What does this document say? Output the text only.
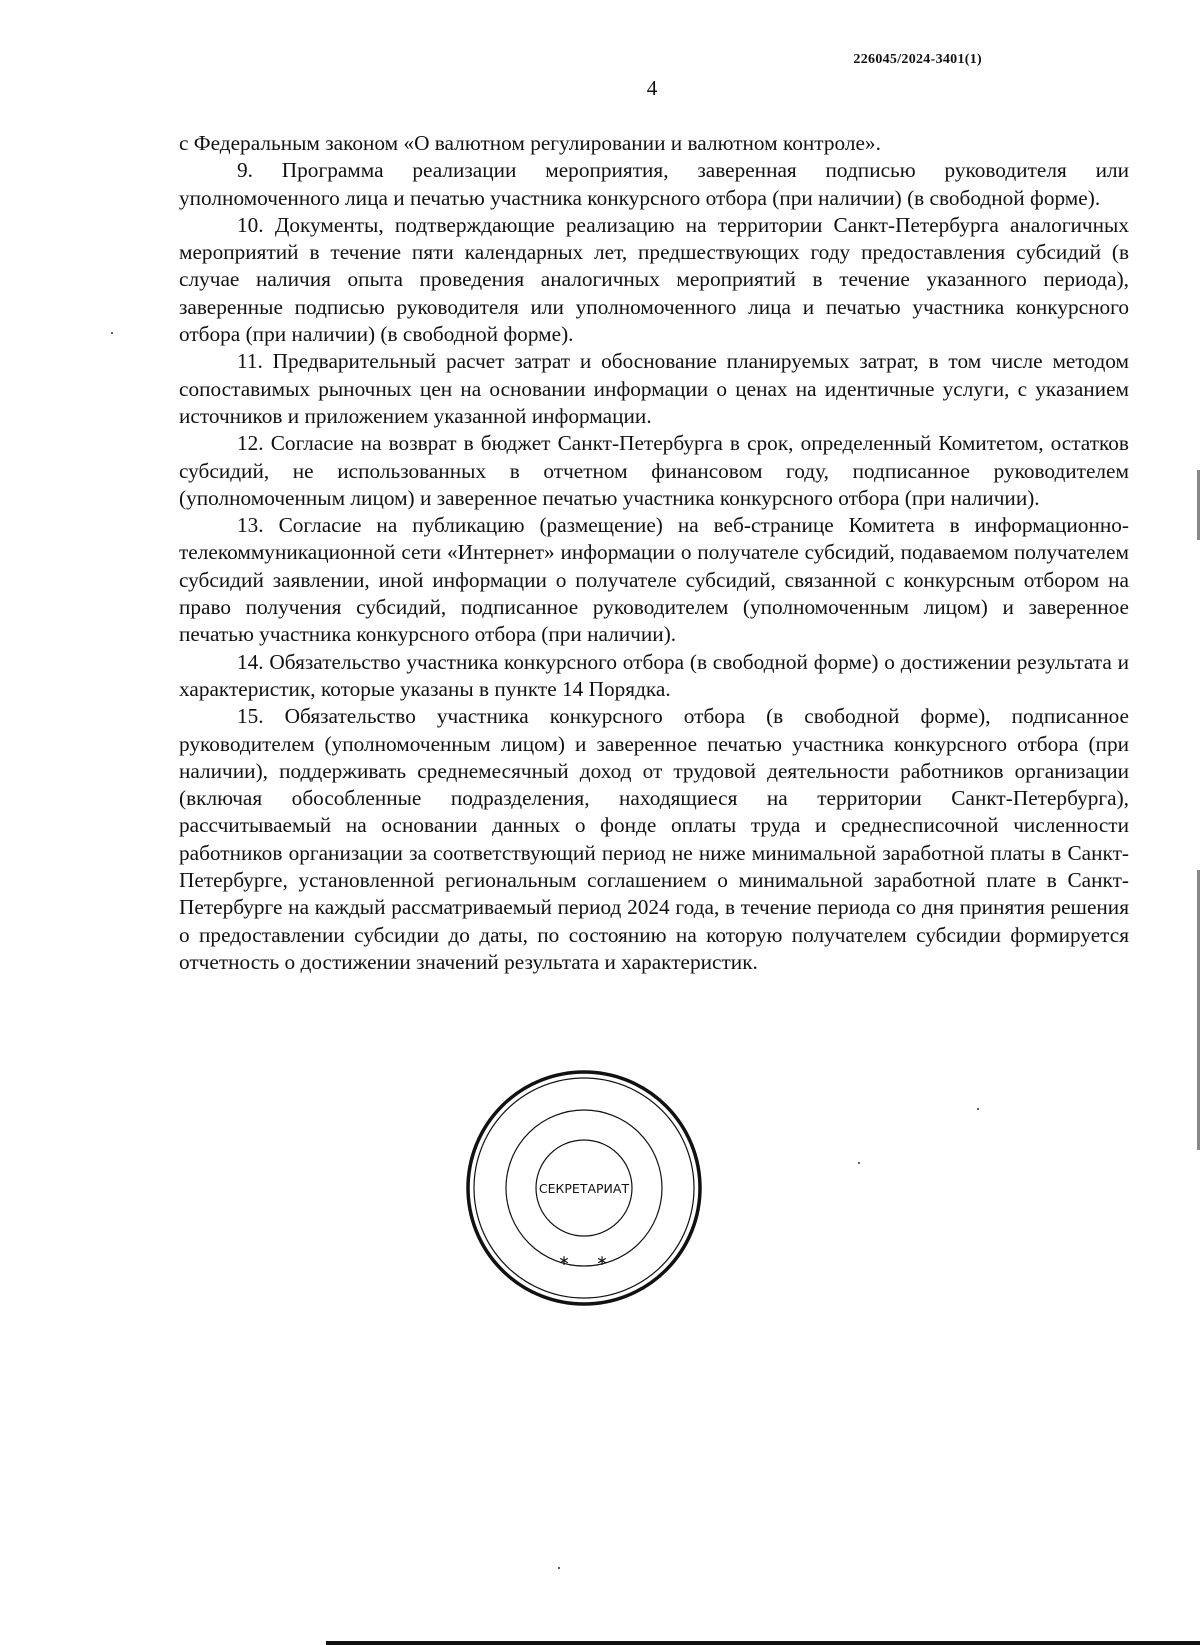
226045/2024-3401(1)
4

с Федеральным законом «О валютном регулировании и валютном контроле».

9. Программа реализации мероприятия, заверенная подписью руководителя или уполномоченного лица и печатью участника конкурсного отбора (при наличии) (в свободной форме).

10. Документы, подтверждающие реализацию на территории Санкт-Петербурга аналогичных мероприятий в течение пяти календарных лет, предшествующих году предоставления субсидий (в случае наличия опыта проведения аналогичных мероприятий в течение указанного периода), заверенные подписью руководителя или уполномоченного лица и печатью участника конкурсного отбора (при наличии) (в свободной форме).

11. Предварительный расчет затрат и обоснование планируемых затрат, в том числе методом сопоставимых рыночных цен на основании информации о ценах на идентичные услуги, с указанием источников и приложением указанной информации.

12. Согласие на возврат в бюджет Санкт-Петербурга в срок, определенный Комитетом, остатков субсидий, не использованных в отчетном финансовом году, подписанное руководителем (уполномоченным лицом) и заверенное печатью участника конкурсного отбора (при наличии).

13. Согласие на публикацию (размещение) на веб-странице Комитета в информационно-телекоммуникационной сети «Интернет» информации о получателе субсидий, подаваемом получателем субсидий заявлении, иной информации о получателе субсидий, связанной с конкурсным отбором на право получения субсидий, подписанное руководителем (уполномоченным лицом) и заверенное печатью участника конкурсного отбора (при наличии).

14. Обязательство участника конкурсного отбора (в свободной форме) о достижении результата и характеристик, которые указаны в пункте 14 Порядка.

15. Обязательство участника конкурсного отбора (в свободной форме), подписанное руководителем (уполномоченным лицом) и заверенное печатью участника конкурсного отбора (при наличии), поддерживать среднемесячный доход от трудовой деятельности работников организации (включая обособленные подразделения, находящиеся на территории Санкт-Петербурга), рассчитываемый на основании данных о фонде оплаты труда и среднесписочной численности работников организации за соответствующий период не ниже минимальной заработной платы в Санкт-Петербурге, установленной региональным соглашением о минимальной заработной плате в Санкт-Петербурге на каждый рассматриваемый период 2024 года, в течение периода со дня принятия решения о предоставлении субсидии до даты, по состоянию на которую получателем субсидии формируется отчетность о достижении значений результата и характеристик.

СЕКРЕТАРИАТ
∗ ∗
